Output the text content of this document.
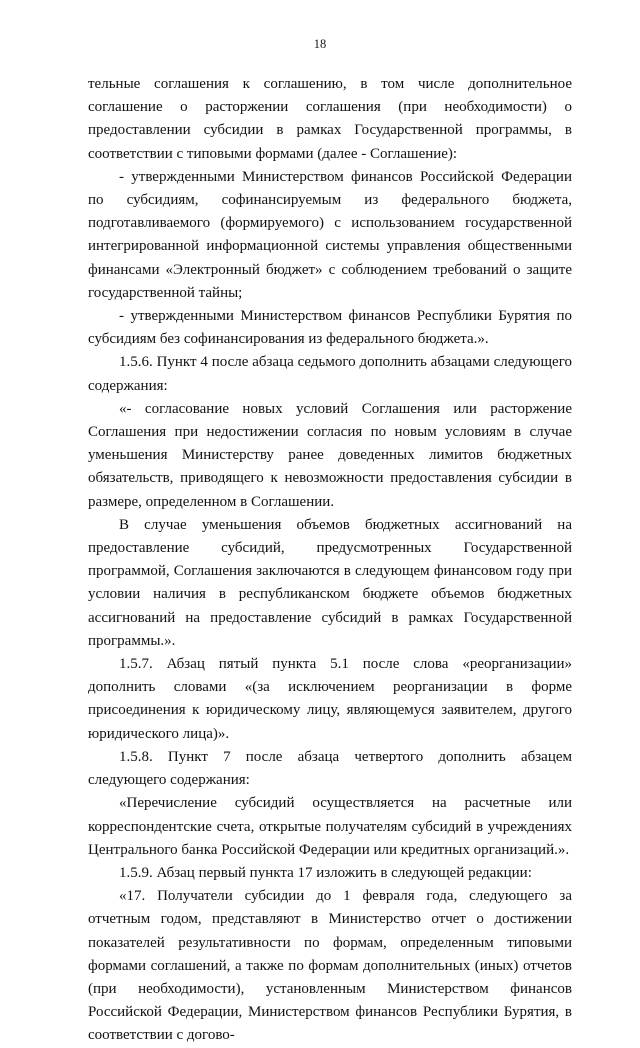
18

тельные соглашения к соглашению, в том числе дополнительное соглашение о расторжении соглашения (при необходимости) о предоставлении субсидии в рамках Государственной программы, в соответствии с типовыми формами (далее - Соглашение):

- утвержденными Министерством финансов Российской Федерации по субсидиям, софинансируемым из федерального бюджета, подготавливаемого (формируемого) с использованием государственной интегрированной информационной системы управления общественными финансами «Электронный бюджет» с соблюдением требований о защите государственной тайны;

- утвержденными Министерством финансов Республики Бурятия по субсидиям без софинансирования из федерального бюджета.».

1.5.6. Пункт 4 после абзаца седьмого дополнить абзацами следующего содержания:

«- согласование новых условий Соглашения или расторжение Соглашения при недостижении согласия по новым условиям в случае уменьшения Министерству ранее доведенных лимитов бюджетных обязательств, приводящего к невозможности предоставления субсидии в размере, определенном в Соглашении.

В случае уменьшения объемов бюджетных ассигнований на предоставление субсидий, предусмотренных Государственной программой, Соглашения заключаются в следующем финансовом году при условии наличия в республиканском бюджете объемов бюджетных ассигнований на предоставление субсидий в рамках Государственной программы.».

1.5.7. Абзац пятый пункта 5.1 после слова «реорганизации» дополнить словами «(за исключением реорганизации в форме присоединения к юридическому лицу, являющемуся заявителем, другого юридического лица)».

1.5.8. Пункт 7 после абзаца четвертого дополнить абзацем следующего содержания:

«Перечисление субсидий осуществляется на расчетные или корреспондентские счета, открытые получателям субсидий в учреждениях Центрального банка Российской Федерации или кредитных организаций.».

1.5.9. Абзац первый пункта 17 изложить в следующей редакции:

«17. Получатели субсидии до 1 февраля года, следующего за отчетным годом, представляют в Министерство отчет о достижении показателей результативности по формам, определенным типовыми формами соглашений, а также по формам дополнительных (иных) отчетов (при необходимости), установленным Министерством финансов Российской Федерации, Министерством финансов Республики Бурятия, в соответствии с догово-
